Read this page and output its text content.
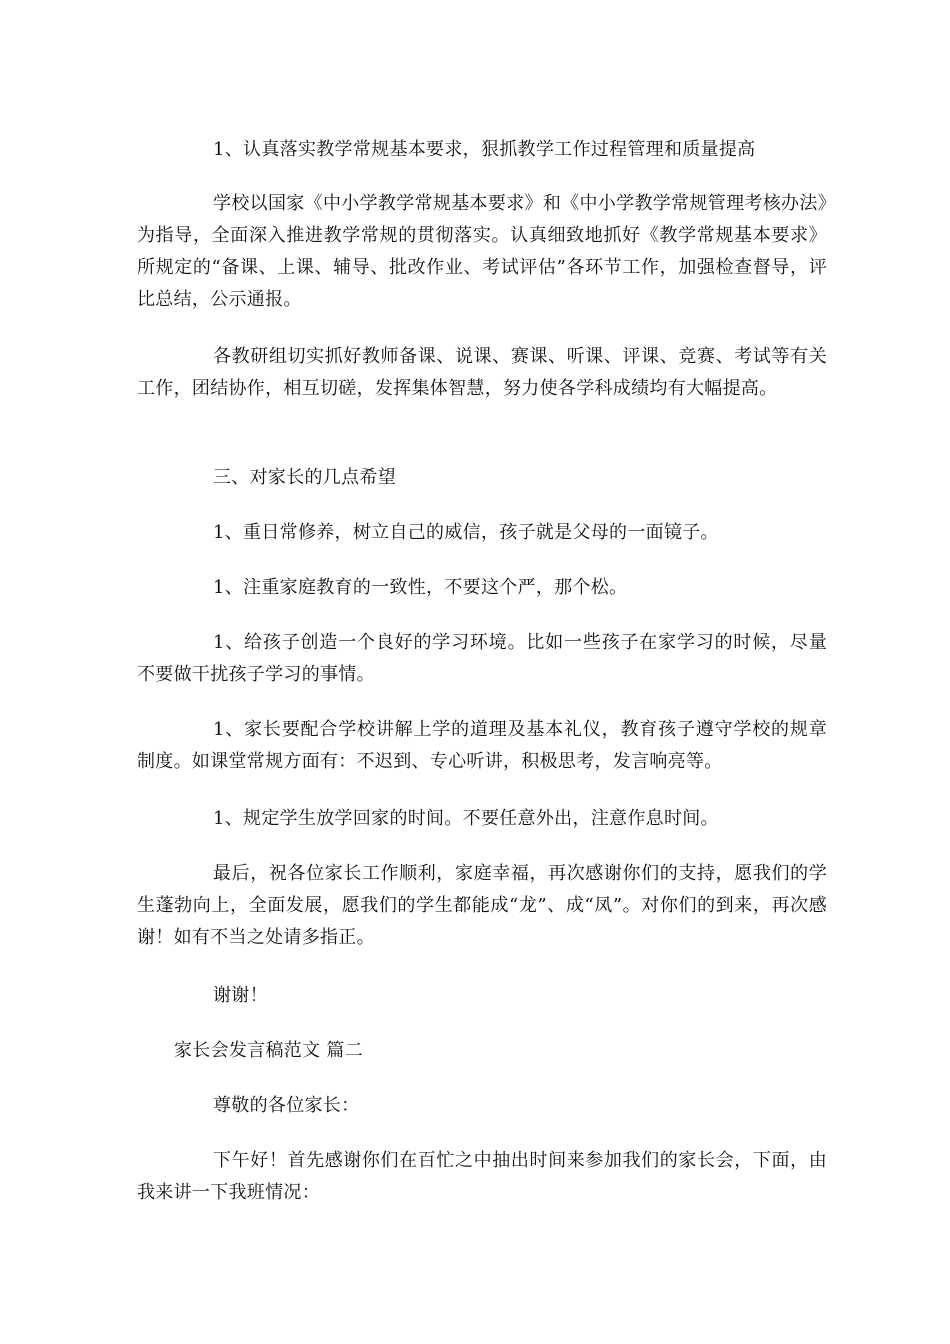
1、认真落实教学常规基本要求，狠抓教学工作过程管理和质量提高

学校以国家《中小学教学常规基本要求》和《中小学教学常规管理考核办法》为指导，全面深入推进教学常规的贯彻落实。认真细致地抓好《教学常规基本要求》所规定的“备课、上课、辅导、批改作业、考试评估”各环节工作，加强检查督导，评比总结，公示通报。

各教研组切实抓好教师备课、说课、赛课、听课、评课、竞赛、考试等有关工作，团结协作，相互切磋，发挥集体智慧，努力使各学科成绩均有大幅提高。

三、对家长的几点希望

1、重日常修养，树立自己的威信，孩子就是父母的一面镜子。

1、注重家庭教育的一致性，不要这个严，那个松。

1、给孩子创造一个良好的学习环境。比如一些孩子在家学习的时候，尽量不要做干扰孩子学习的事情。

1、家长要配合学校讲解上学的道理及基本礼仪，教育孩子遵守学校的规章制度。如课堂常规方面有：不迟到、专心听讲，积极思考，发言响亮等。

1、规定学生放学回家的时间。不要任意外出，注意作息时间。

最后，祝各位家长工作顺利，家庭幸福，再次感谢你们的支持，愿我们的学生蓬勃向上，全面发展，愿我们的学生都能成“龙”、成“凤”。对你们的到来，再次感谢！如有不当之处请多指正。

谢谢！

家长会发言稿范文 篇二

尊敬的各位家长：

下午好！首先感谢你们在百忙之中抽出时间来参加我们的家长会，下面，由我来讲一下我班情况：
